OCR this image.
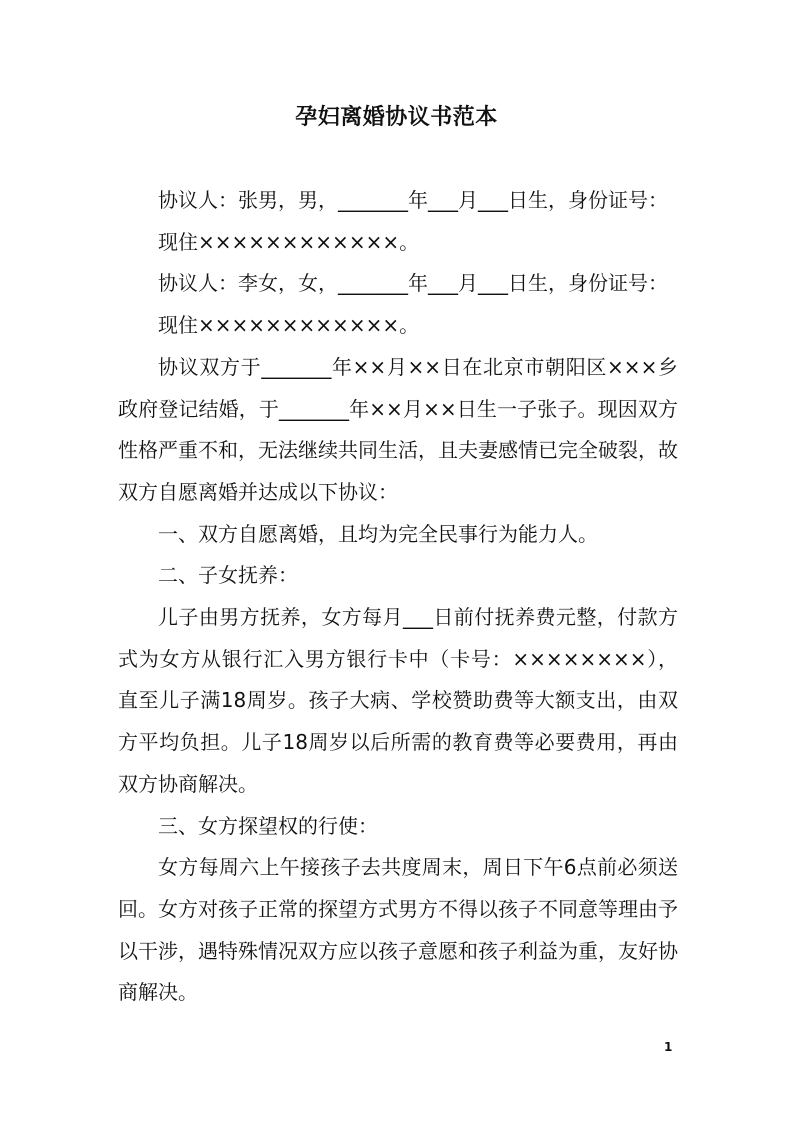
孕妇离婚协议书范本

协议人：张男，男，_______年___月___日生，身份证号：

现住××××××××××××。

协议人：李女，女，_______年___月___日生，身份证号：

现住××××××××××××。

协议双方于_______年××月××日在北京市朝阳区×××乡政府登记结婚，于_______年××月××日生一子张子。现因双方性格严重不和，无法继续共同生活，且夫妻感情已完全破裂，故双方自愿离婚并达成以下协议：

一、双方自愿离婚，且均为完全民事行为能力人。

二、子女抚养：

儿子由男方抚养，女方每月___日前付抚养费元整，付款方式为女方从银行汇入男方银行卡中（卡号：××××××××），直至儿子满18周岁。孩子大病、学校赞助费等大额支出，由双方平均负担。儿子18周岁以后所需的教育费等必要费用，再由双方协商解决。

三、女方探望权的行使：

女方每周六上午接孩子去共度周末，周日下午6点前必须送回。女方对孩子正常的探望方式男方不得以孩子不同意等理由予以干涉，遇特殊情况双方应以孩子意愿和孩子利益为重，友好协商解决。

1
